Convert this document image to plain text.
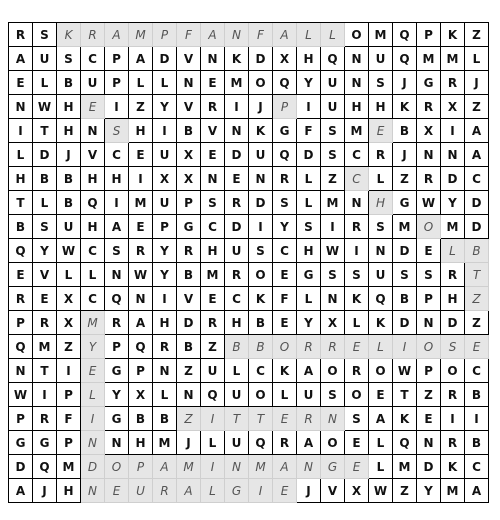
R	S	K	R	A	M	P	F	A	N	F	A	L	L	O	M	Q	P	K	Z
A	U	S	C	P	A	D	V	N	K	D	X	H	Q	N	U	Q	M	M	L
E	L	B	U	P	L	L	N	E	M	O	Q	Y	U	N	S	J	G	R	J
N	W	H	E	I	Z	Y	V	R	I	J	P	I	U	H	H	K	R	X	Z
I	T	H	N	S	H	I	B	V	N	K	G	F	S	M	E	B	X	I	A
L	D	J	V	C	E	U	X	E	D	U	Q	D	S	C	R	J	N	N	A
H	B	B	H	H	I	X	X	N	E	N	R	L	Z	C	L	Z	R	D	C
T	L	B	Q	I	M	U	P	S	R	D	S	L	M	N	H	G	W	Y	D
B	S	U	H	A	E	P	G	C	D	I	Y	S	I	R	S	M	O	M	D
Q	Y	W	C	S	R	Y	R	H	U	S	C	H	W	I	N	D	E	L	B
E	V	L	L	N	W	Y	B	M	R	O	E	G	S	S	U	S	S	R	T
R	E	X	C	Q	N	I	V	E	C	K	F	L	N	K	Q	B	P	H	Z
P	R	X	M	R	A	H	D	R	H	B	E	Y	X	L	K	D	N	D	Z
Q	M	Z	Y	P	Q	R	B	Z	B	B	O	R	R	E	L	I	O	S	E
N	T	I	E	G	P	N	Z	U	L	C	K	A	O	R	O	W	P	O	C
W	I	P	L	Y	X	L	N	Q	U	O	L	U	S	O	E	T	Z	R	B
P	R	F	I	G	B	B	Z	I	T	T	E	R	N	S	A	K	E	I	I
G	G	P	N	N	H	M	J	L	U	Q	R	A	O	E	L	Q	N	R	B
D	Q	M	D	O	P	A	M	I	N	M	A	N	G	E	L	M	D	K	C
A	J	H	N	E	U	R	A	L	G	I	E	J	V	X	W	Z	Y	M	A
